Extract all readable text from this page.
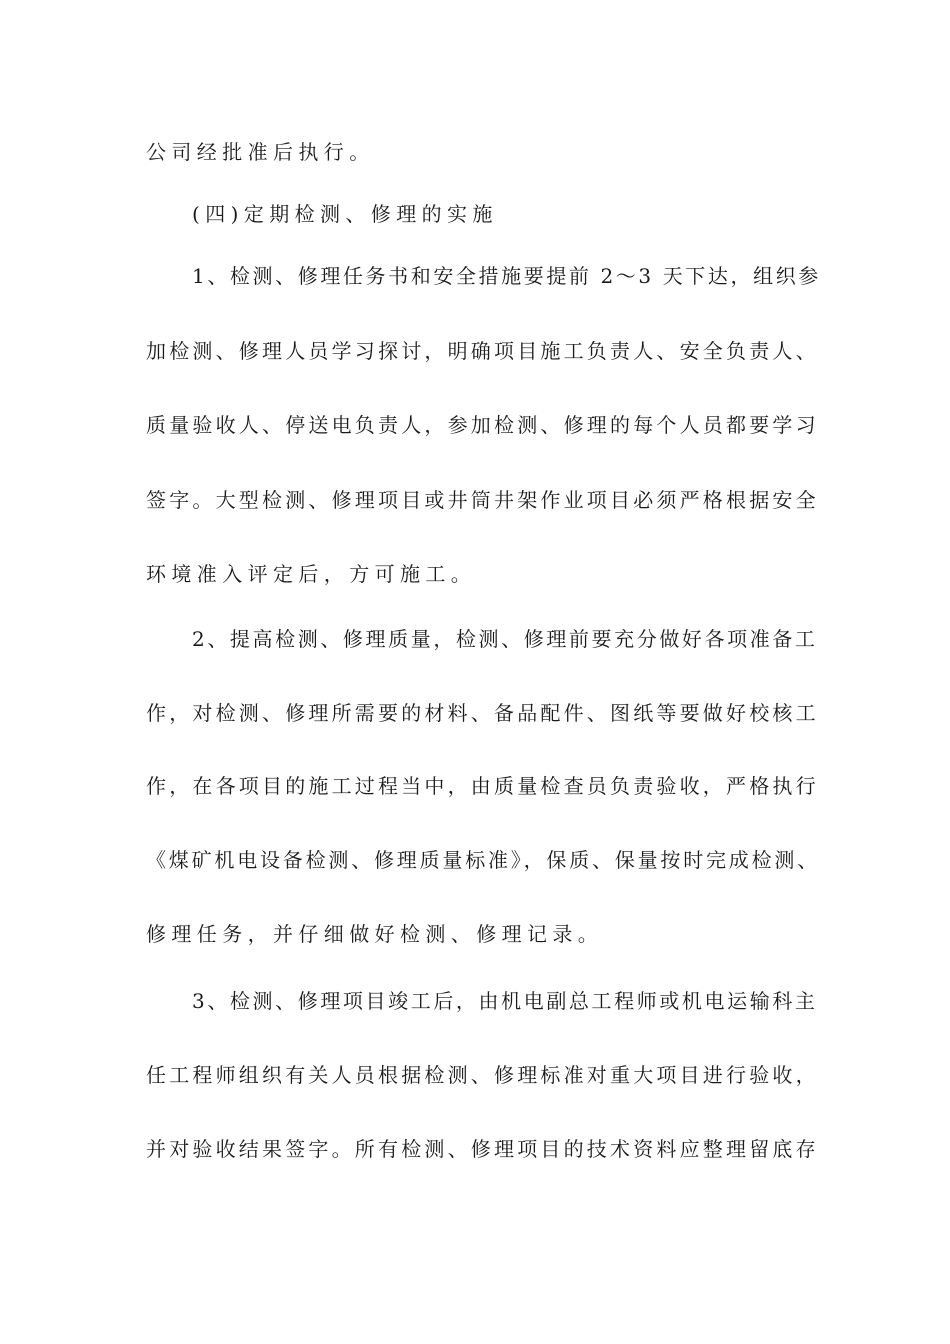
公司经批准后执行。
(四)定期检测、修理的实施
1、检测、修理任务书和安全措施要提前 2～3 天下达，组织参
加检测、修理人员学习探讨，明确项目施工负责人、安全负责人、
质量验收人、停送电负责人，参加检测、修理的每个人员都要学习
签字。大型检测、修理项目或井筒井架作业项目必须严格根据安全
环境准入评定后，方可施工。
2、提高检测、修理质量，检测、修理前要充分做好各项准备工
作，对检测、修理所需要的材料、备品配件、图纸等要做好校核工
作，在各项目的施工过程当中，由质量检查员负责验收，严格执行
《煤矿机电设备检测、修理质量标准》，保质、保量按时完成检测、
修理任务，并仔细做好检测、修理记录。
3、检测、修理项目竣工后，由机电副总工程师或机电运输科主
任工程师组织有关人员根据检测、修理标准对重大项目进行验收，
并对验收结果签字。所有检测、修理项目的技术资料应整理留底存
